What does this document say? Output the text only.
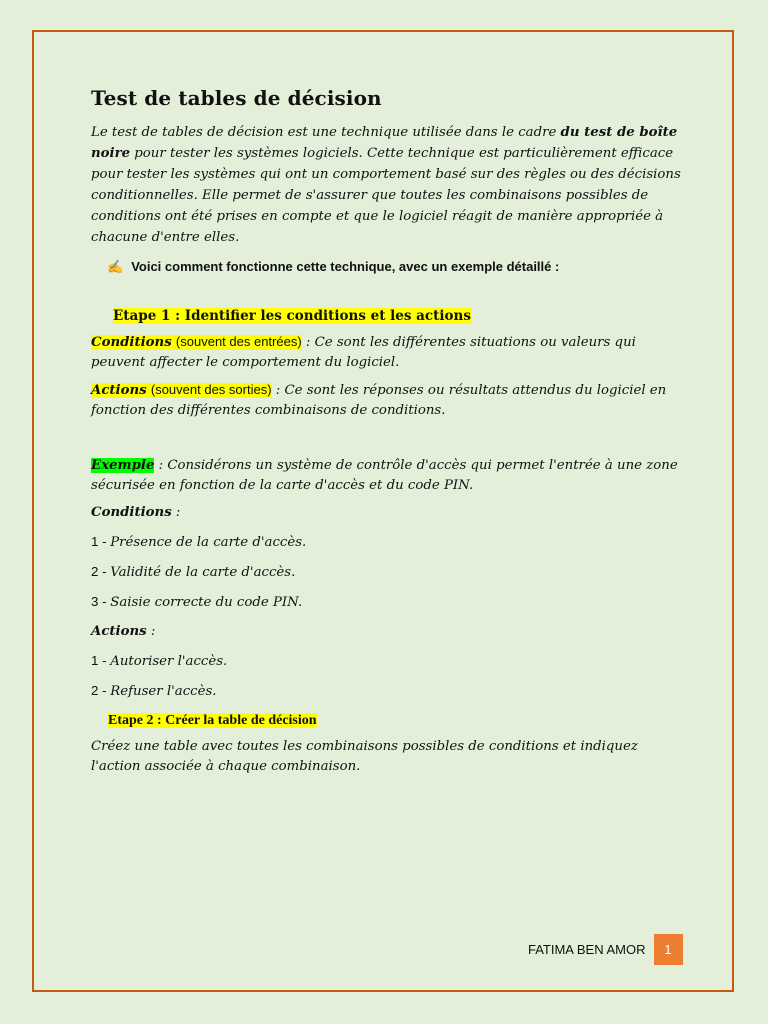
Test de tables de décision

Le test de tables de décision est une technique utilisée dans le cadre du test de boîte noire pour tester les systèmes logiciels. Cette technique est particulièrement efficace pour tester les systèmes qui ont un comportement basé sur des règles ou des décisions conditionnelles. Elle permet de s'assurer que toutes les combinaisons possibles de conditions ont été prises en compte et que le logiciel réagit de manière appropriée à chacune d'entre elles.

✍ Voici comment fonctionne cette technique, avec un exemple détaillé :

Etape 1 : Identifier les conditions et les actions

Conditions (souvent des entrées) : Ce sont les différentes situations ou valeurs qui peuvent affecter le comportement du logiciel.

Actions (souvent des sorties) : Ce sont les réponses ou résultats attendus du logiciel en fonction des différentes combinaisons de conditions.

Exemple : Considérons un système de contrôle d'accès qui permet l'entrée à une zone sécurisée en fonction de la carte d'accès et du code PIN.

Conditions :

1 - Présence de la carte d'accès.

2 - Validité de la carte d'accès.

3 - Saisie correcte du code PIN.

Actions :

1 - Autoriser l'accès.

2 - Refuser l'accès.

Etape 2 : Créer la table de décision

Créez une table avec toutes les combinaisons possibles de conditions et indiquez l'action associée à chaque combinaison.

FATIMA BEN AMOR	1
